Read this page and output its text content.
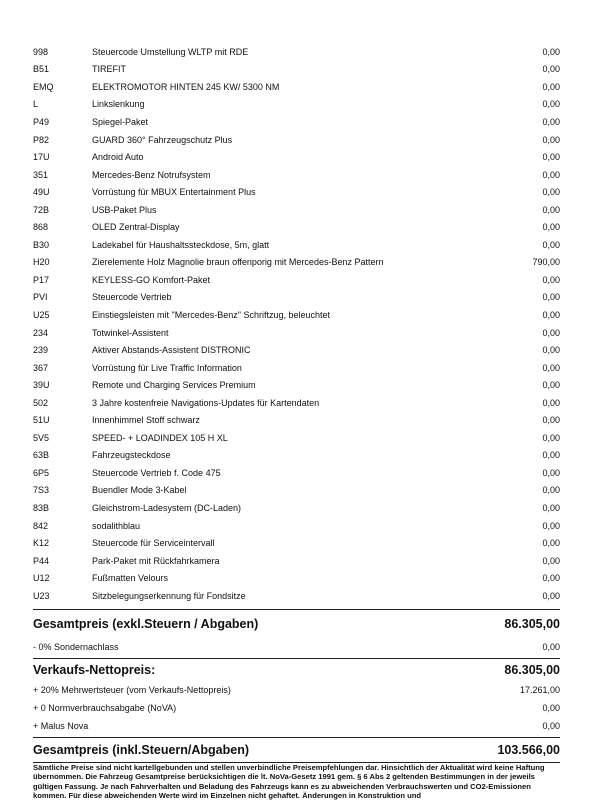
998	Steuercode Umstellung WLTP mit RDE	0,00
B51	TIREFIT	0,00
EMQ	ELEKTROMOTOR HINTEN 245 KW/ 5300 NM	0,00
L	Linkslenkung	0,00
P49	Spiegel-Paket	0,00
P82	GUARD 360° Fahrzeugschutz Plus	0,00
17U	Android Auto	0,00
351	Mercedes-Benz Notrufsystem	0,00
49U	Vorrüstung für MBUX Entertainment Plus	0,00
72B	USB-Paket Plus	0,00
868	OLED Zentral-Display	0,00
B30	Ladekabel für Haushaltssteckdose, 5m, glatt	0,00
H20	Zierelemente Holz Magnolie braun offenporig mit Mercedes-Benz Pattern	790,00
P17	KEYLESS-GO Komfort-Paket	0,00
PVI	Steuercode Vertrieb	0,00
U25	Einstiegsleisten mit "Mercedes-Benz" Schriftzug, beleuchtet	0,00
234	Totwinkel-Assistent	0,00
239	Aktiver Abstands-Assistent DISTRONIC	0,00
367	Vorrüstung für Live Traffic Information	0,00
39U	Remote und Charging Services Premium	0,00
502	3 Jahre kostenfreie Navigations-Updates für Kartendaten	0,00
51U	Innenhimmel Stoff schwarz	0,00
5V5	SPEED- + LOADINDEX 105 H XL	0,00
63B	Fahrzeugsteckdose	0,00
6P5	Steuercode Vertrieb f. Code 475	0,00
7S3	Buendler Mode 3-Kabel	0,00
83B	Gleichstrom-Ladesystem (DC-Laden)	0,00
842	sodalithblau	0,00
K12	Steuercode für Serviceintervall	0,00
P44	Park-Paket mit Rückfahrkamera	0,00
U12	Fußmatten Velours	0,00
U23	Sitzbelegungserkennung für Fondsitze	0,00
Gesamtpreis (exkl.Steuern / Abgaben)	86.305,00
- 0% Sondernachlass	0,00
Verkaufs-Nettopreis:	86.305,00
+ 20% Mehrwertsteuer (vom Verkaufs-Nettopreis)	17.261,00
+ 0 Normverbrauchsabgabe (NoVA)	0,00
+ Malus Nova	0,00
Gesamtpreis (inkl.Steuern/Abgaben)	103.566,00
Sämtliche Preise sind nicht kartellgebunden und stellen unverbindliche Preisempfehlungen dar. Hinsichtlich der Aktualität wird keine Haftung übernommen. Die Fahrzeug Gesamtpreise berücksichtigen die lt. NoVa-Gesetz 1991 gem. § 6 Abs 2 geltenden Bestimmungen in der jeweils gültigen Fassung. Je nach Fahrverhalten und Beladung des Fahrzeugs kann es zu abweichenden Verbrauchswerten und CO2-Emissionen kommen. Für diese abweichenden Werte wird im Einzelnen nicht gehaftet. Änderungen in Konstruktion und
